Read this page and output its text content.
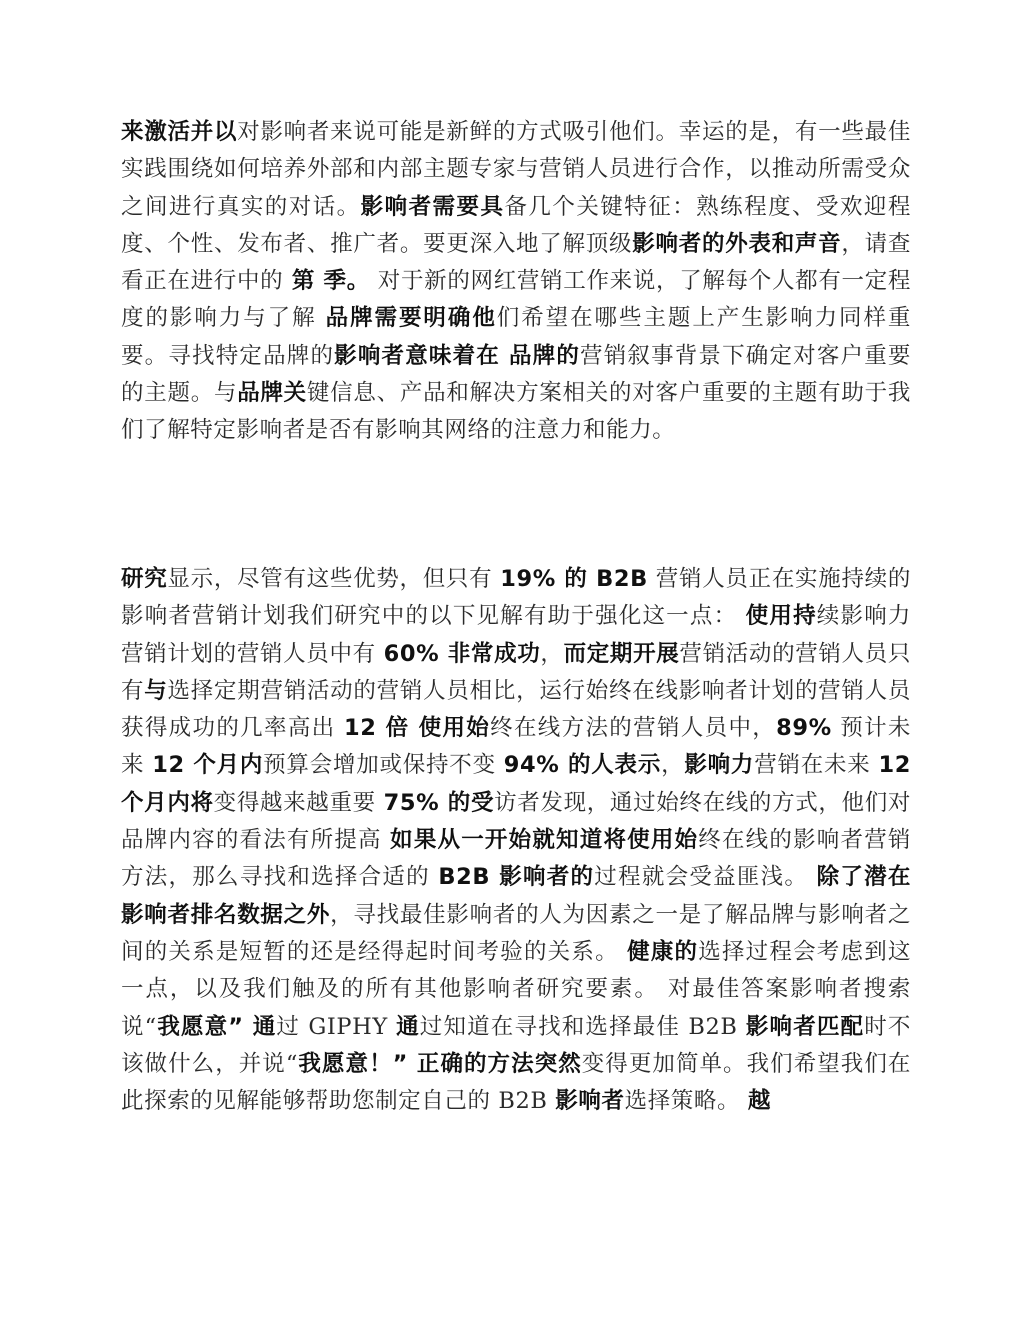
来激活并以对影响者来说可能是新鲜的方式吸引他们。幸运的是，有一些最佳实践围绕如何培养外部和内部主题专家与营销人员进行合作，以推动所需受众之间进行真实的对话。影响者需要具备几个关键特征：熟练程度、受欢迎程度、个性、发布者、推广者。要更深入地了解顶级影响者的外表和声音，请查看正在进行中的 第 季。 对于新的网红营销工作来说，了解每个人都有一定程度的影响力与了解 品牌需要明确他们希望在哪些主题上产生影响力同样重要。寻找特定品牌的影响者意味着在 品牌的营销叙事背景下确定对客户重要的主题。与品牌关键信息、产品和解决方案相关的对客户重要的主题有助于我们了解特定影响者是否有影响其网络的注意力和能力。

研究显示，尽管有这些优势，但只有 19% 的 B2B 营销人员正在实施持续的影响者营销计划我们研究中的以下见解有助于强化这一点： 使用持续影响力营销计划的营销人员中有 60% 非常成功，而定期开展营销活动的营销人员只有与选择定期营销活动的营销人员相比，运行始终在线影响者计划的营销人员获得成功的几率高出 12 倍 使用始终在线方法的营销人员中，89% 预计未来 12 个月内预算会增加或保持不变 94% 的人表示，影响力营销在未来 12 个月内将变得越来越重要 75% 的受访者发现，通过始终在线的方式，他们对品牌内容的看法有所提高 如果从一开始就知道将使用始终在线的影响者营销方法，那么寻找和选择合适的 B2B 影响者的过程就会受益匪浅。 除了潜在影响者排名数据之外，寻找最佳影响者的人为因素之一是了解品牌与影响者之间的关系是短暂的还是经得起时间考验的关系。 健康的选择过程会考虑到这一点，以及我们触及的所有其他影响者研究要素。 对最佳答案影响者搜索说“我愿意” 通过 GIPHY 通过知道在寻找和选择最佳 B2B 影响者匹配时不该做什么，并说“我愿意！” 正确的方法突然变得更加简单。我们希望我们在此探索的见解能够帮助您制定自己的 B2B 影响者选择策略。 越
